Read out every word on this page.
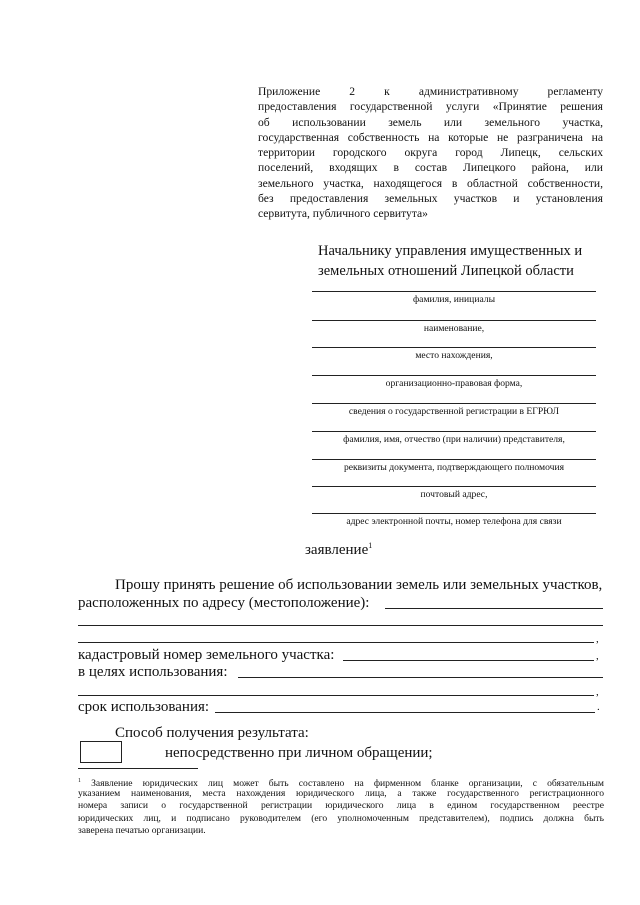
Приложение 2 к административному регламенту
предоставления государственной услуги «Принятие решения
об использовании земель или земельного участка,
государственная собственность на которые не разграничена на
территории городского округа город Липецк, сельских
поселений, входящих в состав Липецкого района, или
земельного участка, находящегося в областной собственности,
без предоставления земельных участков и установления
сервитута, публичного сервитута»
Начальнику управления имущественных и
земельных отношений Липецкой области
фамилия, инициалы
наименование,
место нахождения,
организационно-правовая форма,
сведения о государственной регистрации в ЕГРЮЛ
фамилия, имя, отчество (при наличии) представителя,
реквизиты документа, подтверждающего полномочия
почтовый адрес,
адрес электронной почты, номер телефона для связи
заявление$^1$
Прошу принять решение об использовании земель или земельных участков,
расположенных по адресу (местоположение):
,
кадастровый номер земельного участка:	,
в целях использования:
,
срок использования:	.
Способ получения результата:
непосредственно при личном обращении;
$^1$ Заявление юридических лиц может быть составлено на фирменном бланке организации, с обязательным
указанием наименования, места нахождения юридического лица, а также государственного регистрационного
номера записи о государственной регистрации юридического лица в едином государственном реестре
юридических лиц, и подписано руководителем (его уполномоченным представителем), подпись должна быть
заверена печатью организации.
